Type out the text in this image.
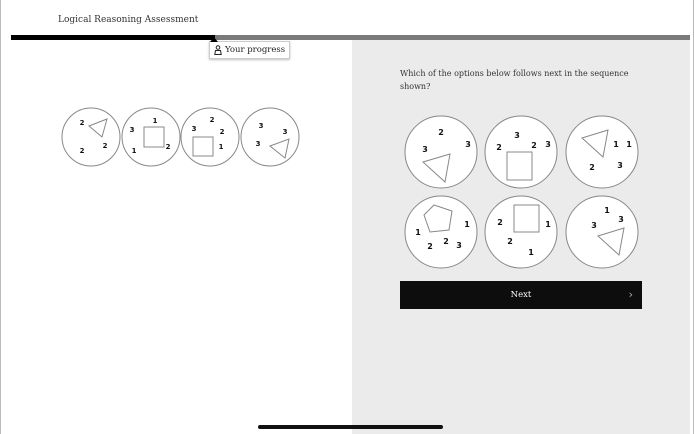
Logical Reasoning Assessment
Your progress
Which of the options below follows next in the sequence shown?
2
2
2
1
3
2
1
2
3	2
1
3
3
3
2
3
3
3
2	2 3	1 1
2	3
1
1
2
2	3
2	1
2
1
1
3
3
Next	›
